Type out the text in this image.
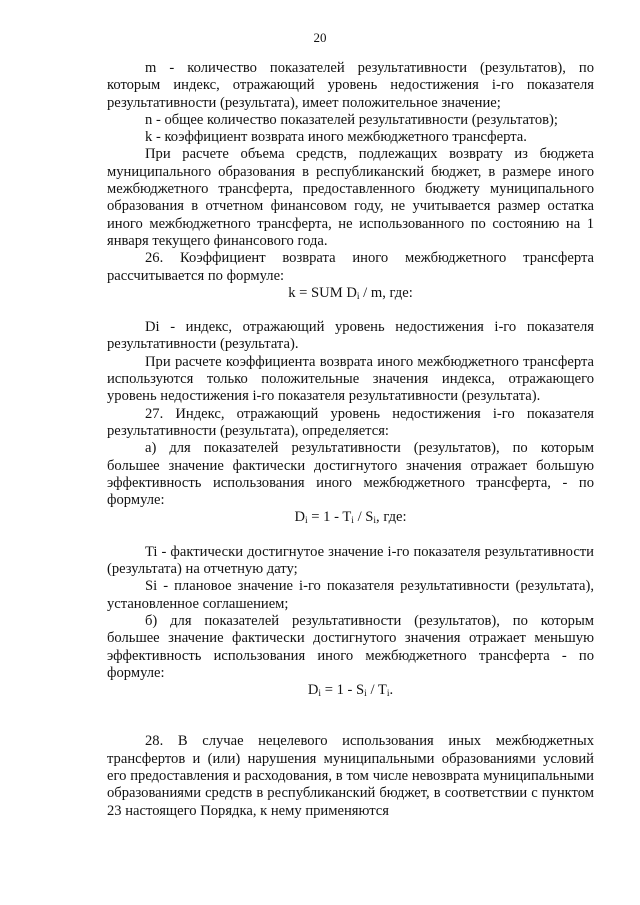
20

m - количество показателей результативности (результатов), по которым индекс, отражающий уровень недостижения i-го показателя результативности (результата), имеет положительное значение;

n - общее количество показателей результативности (результатов);

k - коэффициент возврата иного межбюджетного трансферта.

При расчете объема средств, подлежащих возврату из бюджета муниципального образования в республиканский бюджет, в размере иного межбюджетного трансферта, предоставленного бюджету муниципального образования в отчетном финансовом году, не учитывается размер остатка иного межбюджетного трансферта, не использованного по состоянию на 1 января текущего финансового года.

26. Коэффициент возврата иного межбюджетного трансферта рассчитывается по формуле:

k = SUM $D_i$ / m, где:

Di - индекс, отражающий уровень недостижения i-го показателя результативности (результата).

При расчете коэффициента возврата иного межбюджетного трансферта используются только положительные значения индекса, отражающего уровень недостижения i-го показателя результативности (результата).

27. Индекс, отражающий уровень недостижения i-го показателя результативности (результата), определяется:

а) для показателей результативности (результатов), по которым большее значение фактически достигнутого значения отражает большую эффективность использования иного межбюджетного трансферта, - по формуле:

$D_i = 1 - T_i / S_i$, где:

Ti - фактически достигнутое значение i-го показателя результативности (результата) на отчетную дату;

Si - плановое значение i-го показателя результативности (результата), установленное соглашением;

б) для показателей результативности (результатов), по которым большее значение фактически достигнутого значения отражает меньшую эффективность использования иного межбюджетного трансферта - по формуле:

$D_i = 1 - S_i / T_i$.

28. В случае нецелевого использования иных межбюджетных трансфертов и (или) нарушения муниципальными образованиями условий его предоставления и расходования, в том числе невозврата муниципальными образованиями средств в республиканский бюджет, в соответствии с пунктом 23 настоящего Порядка, к нему применяются
